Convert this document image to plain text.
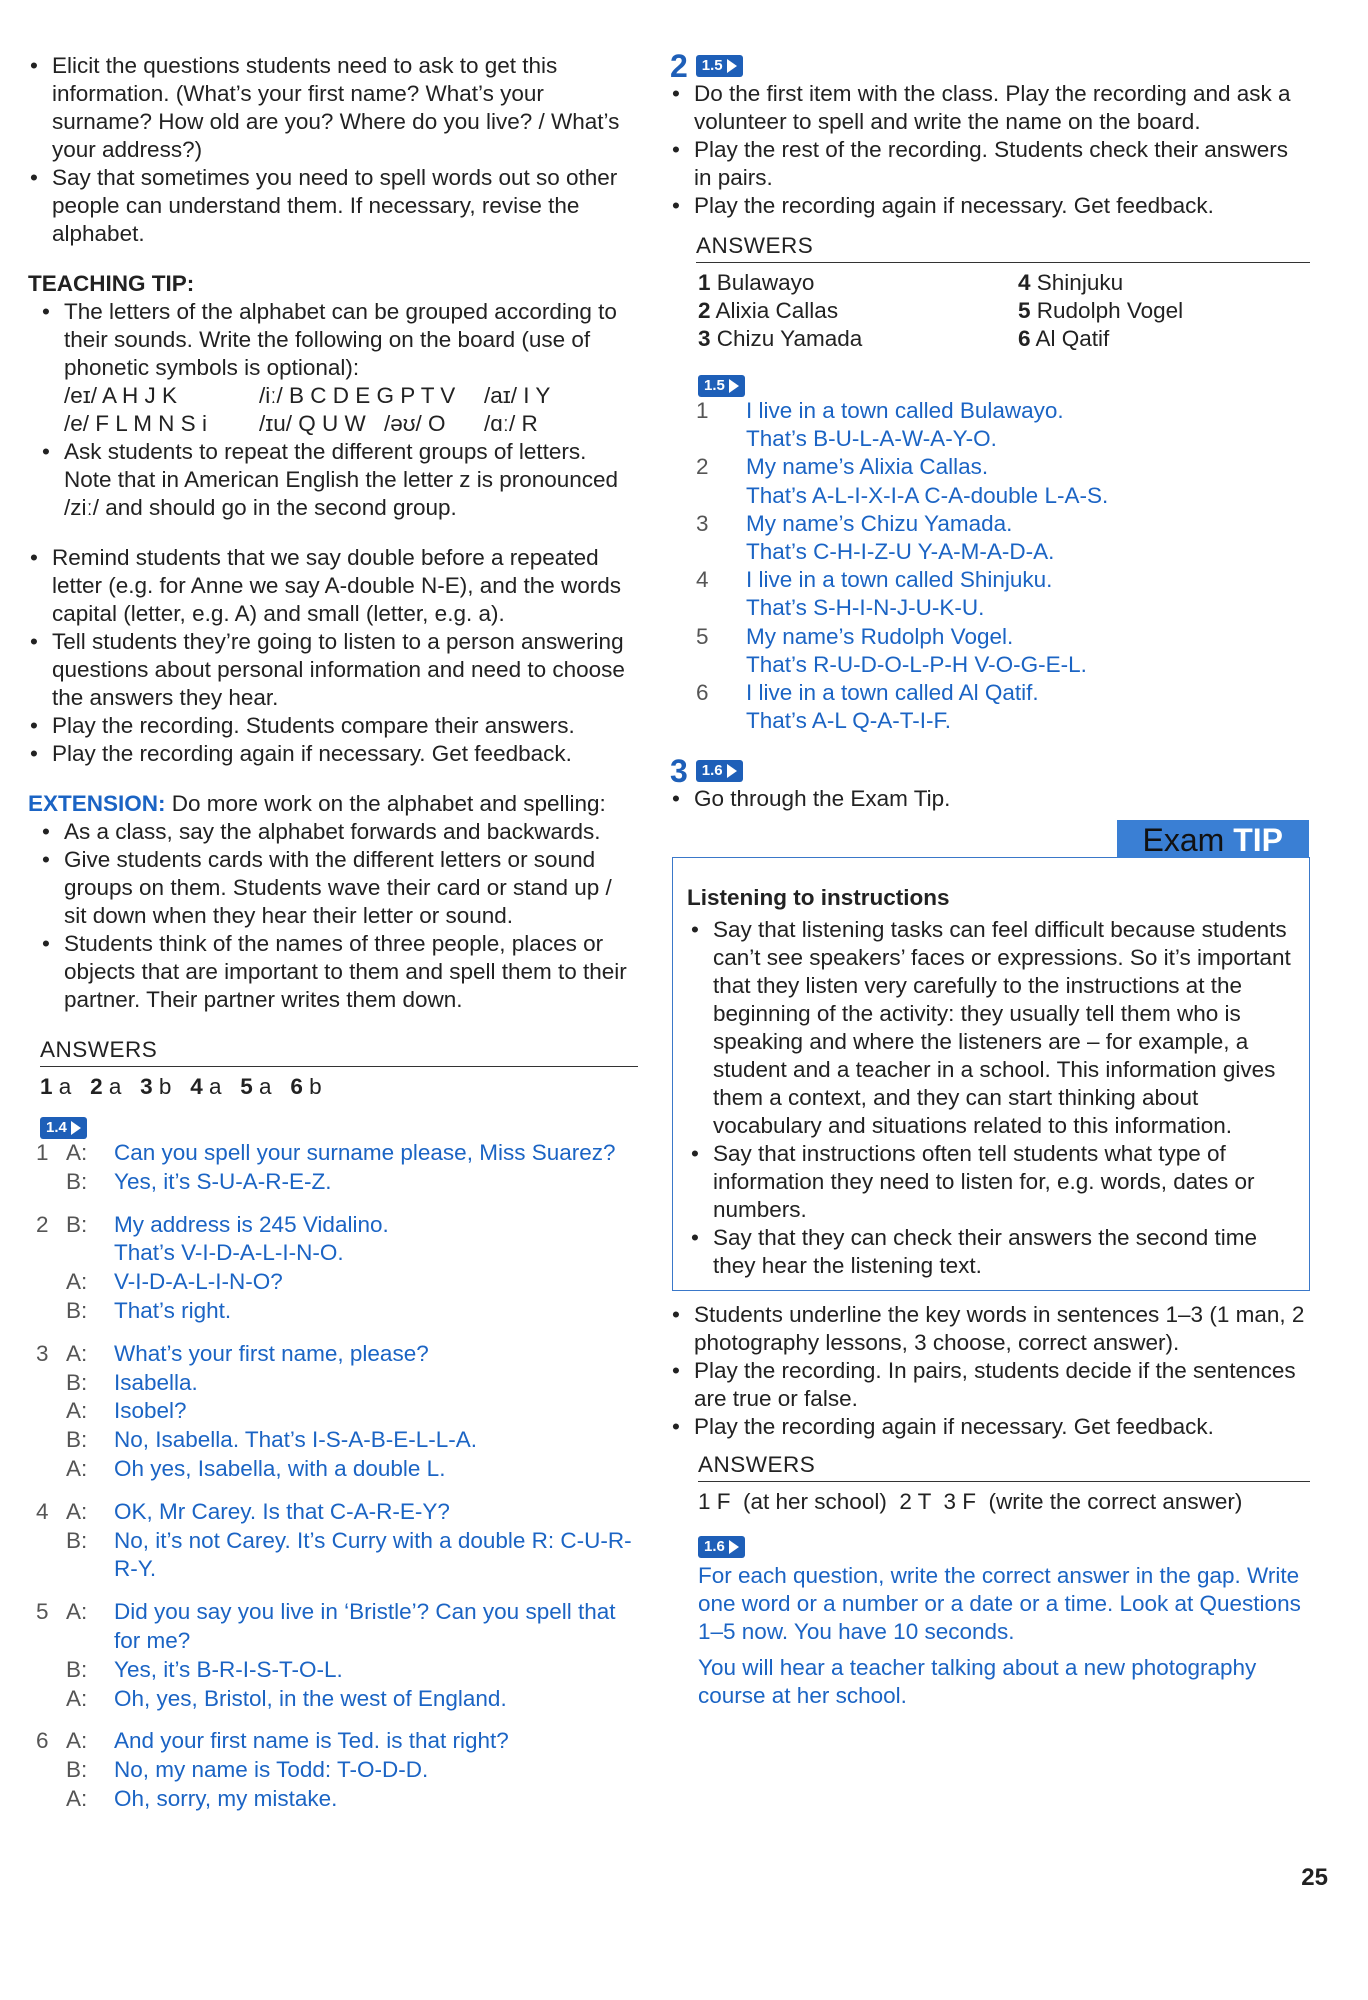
• Elicit the questions students need to ask to get this information. (What’s your first name? What’s your surname? How old are you? Where do you live? / What’s your address?)
• Say that sometimes you need to spell words out so other people can understand them. If necessary, revise the alphabet.
TEACHING TIP:
• The letters of the alphabet can be grouped according to their sounds. Write the following on the board (use of phonetic symbols is optional):
/eɪ/ A H J K	/iː/ B C D E G P T V	/aɪ/ I Y
/e/ F L M N S i	/ɪu/ Q U W /əʊ/ O	/ɑː/ R
• Ask students to repeat the different groups of letters. Note that in American English the letter z is pronounced /ziː/ and should go in the second group.
• Remind students that we say double before a repeated letter (e.g. for Anne we say A-double N-E), and the words capital (letter, e.g. A) and small (letter, e.g. a).
• Tell students they’re going to listen to a person answering questions about personal information and need to choose the answers they hear.
• Play the recording. Students compare their answers.
• Play the recording again if necessary. Get feedback.
EXTENSION: Do more work on the alphabet and spelling:
• As a class, say the alphabet forwards and backwards.
• Give students cards with the different letters or sound groups on them. Students wave their card or stand up / sit down when they hear their letter or sound.
• Students think of the names of three people, places or objects that are important to them and spell them to their partner. Their partner writes them down.
ANSWERS
1 a 2 a 3 b 4 a 5 a 6 b
1.4
1	A:	Can you spell your surname please, Miss Suarez?
	B:	Yes, it’s S-U-A-R-E-Z.

2	B:	My address is 245 Vidalino.
		That’s V-I-D-A-L-I-N-O.
	A:	V-I-D-A-L-I-N-O?
	B:	That’s right.

3	A:	What’s your first name, please?
	B:	Isabella.
	A:	Isobel?
	B:	No, Isabella. That’s I-S-A-B-E-L-L-A.
	A:	Oh yes, Isabella, with a double L.

4	A:	OK, Mr Carey. Is that C-A-R-E-Y?
	B:	No, it’s not Carey. It’s Curry with a double R: C-U-R-R-Y.

5	A:	Did you say you live in ‘Bristle’? Can you spell that for me?
	B:	Yes, it’s B-R-I-S-T-O-L.
	A:	Oh, yes, Bristol, in the west of England.

6	A:	And your first name is Ted. is that right?
	B:	No, my name is Todd: T-O-D-D.
	A:	Oh, sorry, my mistake.

2 1.5
• Do the first item with the class. Play the recording and ask a volunteer to spell and write the name on the board.
• Play the rest of the recording. Students check their answers in pairs.
• Play the recording again if necessary. Get feedback.
ANSWERS
1 Bulawayo	4 Shinjuku
2 Alixia Callas	5 Rudolph Vogel
3 Chizu Yamada	6 Al Qatif
1.5
1	I live in a town called Bulawayo.
	That’s B-U-L-A-W-A-Y-O.
2	My name’s Alixia Callas.
	That’s A-L-I-X-I-A C-A-double L-A-S.
3	My name’s Chizu Yamada.
	That’s C-H-I-Z-U Y-A-M-A-D-A.
4	I live in a town called Shinjuku.
	That’s S-H-I-N-J-U-K-U.
5	My name’s Rudolph Vogel.
	That’s R-U-D-O-L-P-H V-O-G-E-L.
6	I live in a town called Al Qatif.
	That’s A-L Q-A-T-I-F.
3 1.6
• Go through the Exam Tip.
Exam TIP
Listening to instructions
• Say that listening tasks can feel difficult because students can’t see speakers’ faces or expressions. So it’s important that they listen very carefully to the instructions at the beginning of the activity: they usually tell them who is speaking and where the listeners are – for example, a student and a teacher in a school. This information gives them a context, and they can start thinking about vocabulary and situations related to this information.
• Say that instructions often tell students what type of information they need to listen for, e.g. words, dates or numbers.
• Say that they can check their answers the second time they hear the listening text.
• Students underline the key words in sentences 1–3 (1 man, 2 photography lessons, 3 choose, correct answer).
• Play the recording. In pairs, students decide if the sentences are true or false.
• Play the recording again if necessary. Get feedback.
ANSWERS
1 F  (at her school)  2 T  3 F  (write the correct answer)
1.6
For each question, write the correct answer in the gap. Write one word or a number or a date or a time. Look at Questions 1–5 now. You have 10 seconds.
You will hear a teacher talking about a new photography course at her school.
25
